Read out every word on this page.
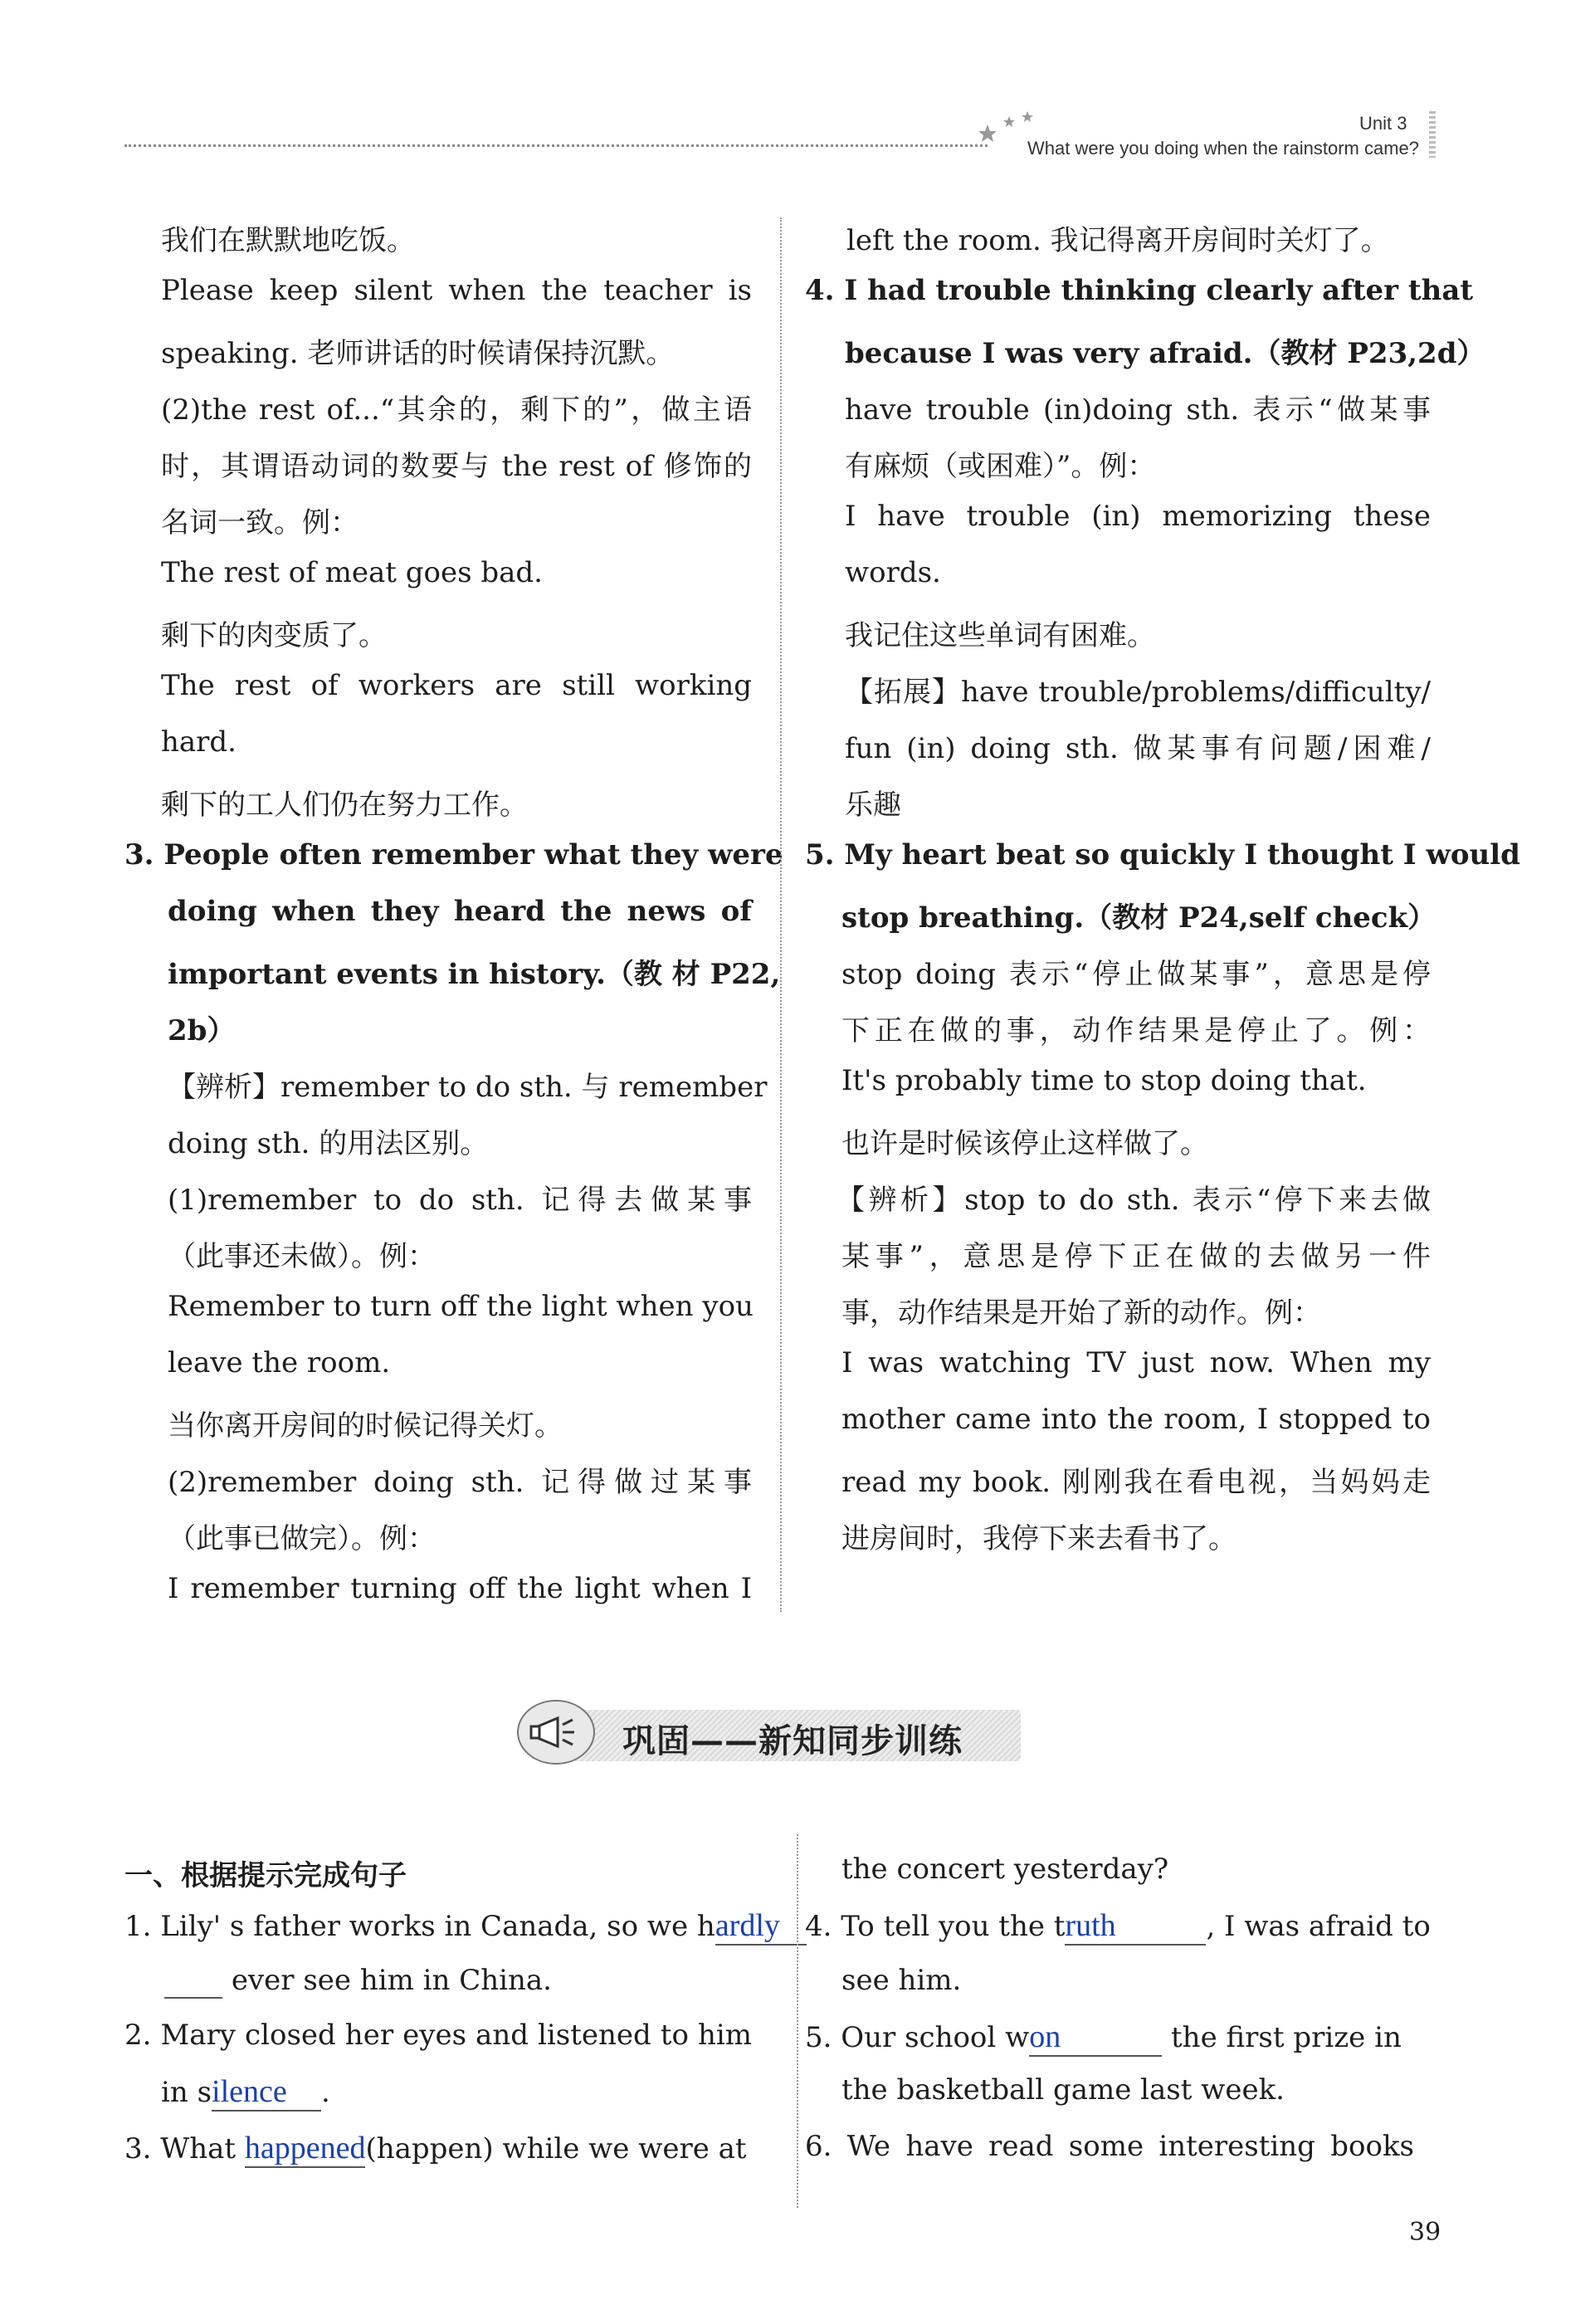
Unit 3
What were you doing when the rainstorm came?
我们在默默地吃饭。
Please keep silent when the teacher is
speaking. 老师讲话的时候请保持沉默。
(2)the rest of...“其余的，剩下的”，做主语
时，其谓语动词的数要与 the rest of 修饰的
名词一致。例：
The rest of meat goes bad.
剩下的肉变质了。
The rest of workers are still working
hard.
剩下的工人们仍在努力工作。
3. People often remember what they were
doing when they heard the news of
important events in history.（教 材 P22,
2b）
【辨析】remember to do sth. 与 remember
doing sth. 的用法区别。
(1)remember to do sth. 记得去做某事
（此事还未做）。例：
Remember to turn off the light when you
leave the room.
当你离开房间的时候记得关灯。
(2)remember doing sth. 记得做过某事
（此事已做完）。例：
I remember turning off the light when I
left the room. 我记得离开房间时关灯了。
4. I had trouble thinking clearly after that
because I was very afraid.（教材 P23,2d）
have trouble (in)doing sth. 表示“做某事
有麻烦（或困难）”。例：
I have trouble (in) memorizing these
words.
我记住这些单词有困难。
【拓展】have trouble/problems/difficulty/
fun (in) doing sth. 做某事有问题/困难/
乐趣
5. My heart beat so quickly I thought I would
stop breathing.（教材 P24,self check）
stop doing 表示“停止做某事”，意思是停
下正在做的事，动作结果是停止了。例：
It's probably time to stop doing that.
也许是时候该停止这样做了。
【辨析】stop to do sth. 表示“停下来去做
某事”，意思是停下正在做的去做另一件
事，动作结果是开始了新的动作。例：
I was watching TV just now. When my
mother came into the room, I stopped to
read my book. 刚刚我在看电视，当妈妈走
进房间时，我停下来去看书了。
巩固——新知同步训练
一、根据提示完成句子
1. Lily' s father works in Canada, so we hardly
ever see him in China.
2. Mary closed her eyes and listened to him
in silence .
3. What happened(happen) while we were at
the concert yesterday?
4. To tell you the truth	, I was afraid to
see him.
5. Our school won	the first prize in
the basketball game last week.
6. We have read some interesting books
39
